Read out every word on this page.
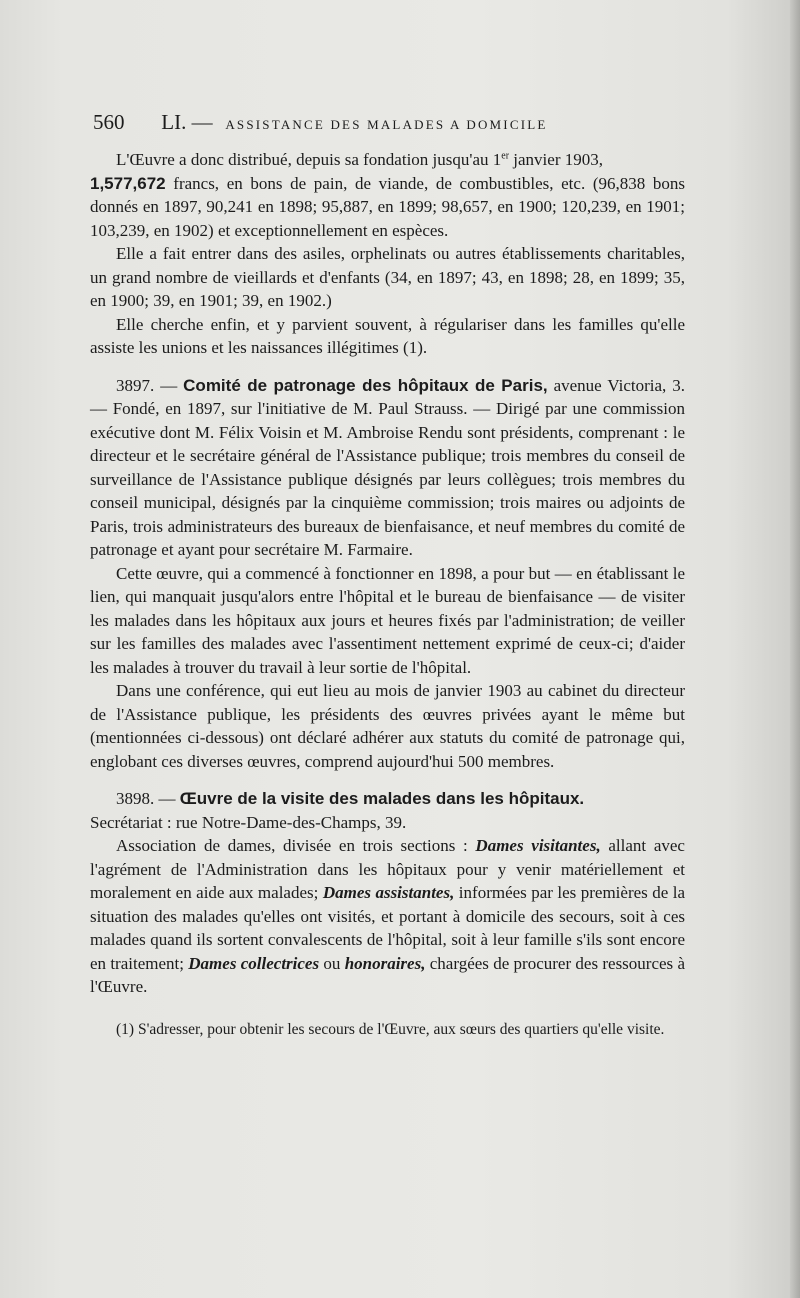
560 LI. — ASSISTANCE DES MALADES A DOMICILE

L'Œuvre a donc distribué, depuis sa fondation jusqu'au 1er janvier 1903,
1,577,672 francs, en bons de pain, de viande, de combustibles, etc. (96,838 bons donnés en 1897, 90,241 en 1898; 95,887, en 1899; 98,657, en 1900; 120,239, en 1901; 103,239, en 1902) et exceptionnellement en espèces.

Elle a fait entrer dans des asiles, orphelinats ou autres établissements charitables, un grand nombre de vieillards et d'enfants (34, en 1897; 43, en 1898; 28, en 1899; 35, en 1900; 39, en 1901; 39, en 1902.)

Elle cherche enfin, et y parvient souvent, à régulariser dans les familles qu'elle assiste les unions et les naissances illégitimes (1).

3897. — Comité de patronage des hôpitaux de Paris, avenue Victoria, 3. — Fondé, en 1897, sur l'initiative de M. Paul Strauss. — Dirigé par une commission exécutive dont M. Félix Voisin et M. Ambroise Rendu sont présidents, comprenant : le directeur et le secrétaire général de l'Assistance publique; trois membres du conseil de surveillance de l'Assistance publique désignés par leurs collègues; trois membres du conseil municipal, désignés par la cinquième commission; trois maires ou adjoints de Paris, trois administrateurs des bureaux de bienfaisance, et neuf membres du comité de patronage et ayant pour secrétaire M. Farmaire.

Cette œuvre, qui a commencé à fonctionner en 1898, a pour but — en établissant le lien, qui manquait jusqu'alors entre l'hôpital et le bureau de bienfaisance — de visiter les malades dans les hôpitaux aux jours et heures fixés par l'administration; de veiller sur les familles des malades avec l'assentiment nettement exprimé de ceux-ci; d'aider les malades à trouver du travail à leur sortie de l'hôpital.

Dans une conférence, qui eut lieu au mois de janvier 1903 au cabinet du directeur de l'Assistance publique, les présidents des œuvres privées ayant le même but (mentionnées ci-dessous) ont déclaré adhérer aux statuts du comité de patronage qui, englobant ces diverses œuvres, comprend aujourd'hui 500 membres.

3898. — Œuvre de la visite des malades dans les hôpitaux.
Secrétariat : rue Notre-Dame-des-Champs, 39.

Association de dames, divisée en trois sections : Dames visitantes, allant avec l'agrément de l'Administration dans les hôpitaux pour y venir matériellement et moralement en aide aux malades; Dames assistantes, informées par les premières de la situation des malades qu'elles ont visités, et portant à domicile des secours, soit à ces malades quand ils sortent convalescents de l'hôpital, soit à leur famille s'ils sont encore en traitement; Dames collectrices ou honoraires, chargées de procurer des ressources à l'Œuvre.

(1) S'adresser, pour obtenir les secours de l'Œuvre, aux sœurs des quartiers qu'elle visite.
